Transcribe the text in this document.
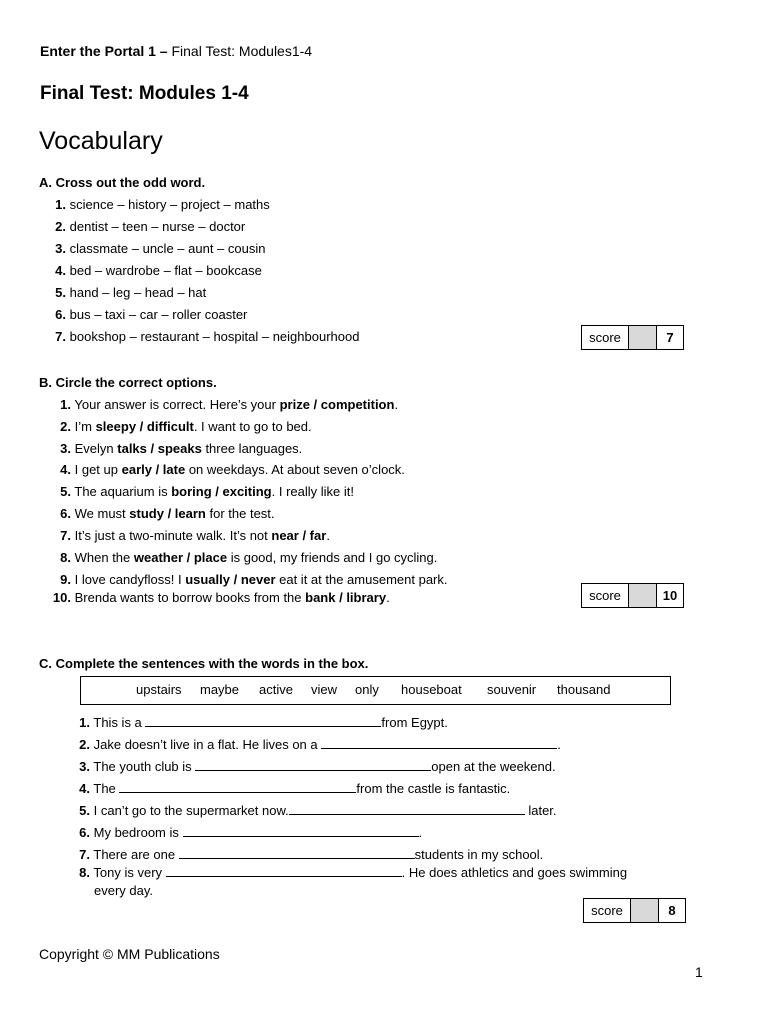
Enter the Portal 1 – Final Test: Modules1-4
Final Test: Modules 1-4
Vocabulary

A. Cross out the odd word.

1. science – history – project – maths
2. dentist – teen – nurse – doctor
3. classmate – uncle – aunt – cousin
4. bed – wardrobe – flat – bookcase
5. hand – leg – head – hat
6. bus – taxi – car – roller coaster
7. bookshop – restaurant – hospital – neighbourhood	score	7

B. Circle the correct options.

1. Your answer is correct. Here’s your prize / competition.
2. I’m sleepy / difficult. I want to go to bed.
3. Evelyn talks / speaks three languages.
4. I get up early / late on weekdays. At about seven o’clock.
5. The aquarium is boring / exciting. I really like it!
6. We must study / learn for the test.
7. It’s just a two-minute walk. It’s not near / far.
8. When the weather / place is good, my friends and I go cycling.
9. I love candyfloss! I usually / never eat it at the amusement park.
10. Brenda wants to borrow books from the bank / library.	score	10

C. Complete the sentences with the words in the box.

upstairs maybe active view only houseboat souvenir thousand
1. This is a	from Egypt.
2. Jake doesn’t live in a flat. He lives on a	.
3. The youth club is	open at the weekend.
4. The	from the castle is fantastic.
5. I can’t go to the supermarket now.	later.
6. My bedroom is	.
7. There are one	students in my school.
8. Tony is very	. He does athletics and goes swimming
every day.
score	8
Copyright © MM Publications
1
